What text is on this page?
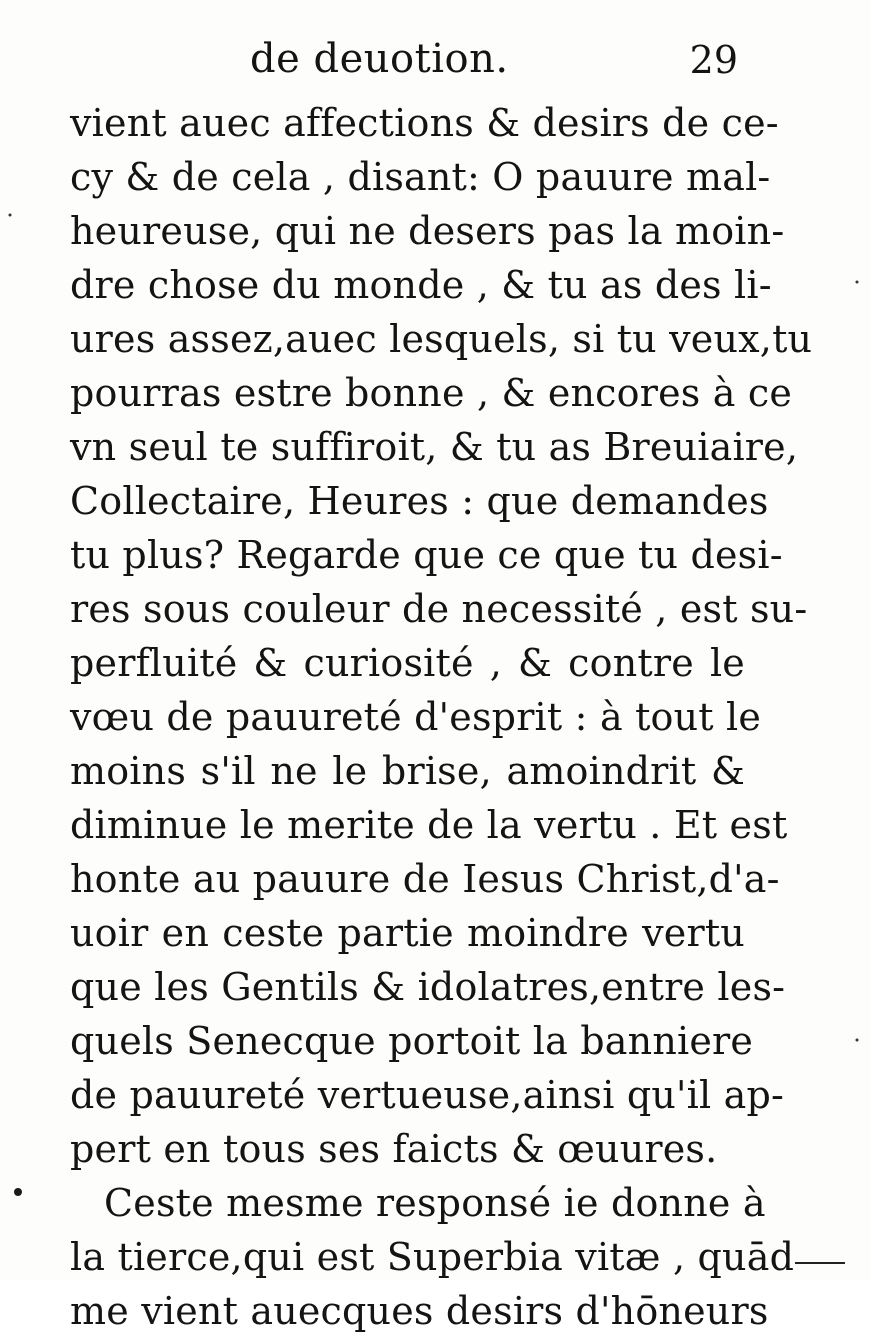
de deuotion.	29
vient auec affections & desirs de ce-
cy & de cela , disant: O pauure mal-
heureuse, qui ne desers pas la moin-
dre chose du monde , & tu as des li-
ures assez,auec lesquels, si tu veux,tu
pourras estre bonne , & encores à ce
vn seul te suffiroit, & tu as Breuiaire,
Collectaire, Heures : que demandes
tu plus? Regarde que ce que tu desi-
res sous couleur de necessité , est su-
perfluité & curiosité , & contre le
vœu de pauureté d'esprit : à tout le
moins s'il ne le brise, amoindrit &
diminue le merite de la vertu . Et est
honte au pauure de Iesus Christ,d'a-
uoir en ceste partie moindre vertu
que les Gentils & idolatres,entre les-
quels Senecque portoit la banniere
de pauureté vertueuse,ainsi qu'il ap-
pert en tous ses faicts & œuures.
Ceste mesme responsé ie donne à
la tierce,qui est Superbia vitæ , quād
me vient auecques desirs d'hōneurs
